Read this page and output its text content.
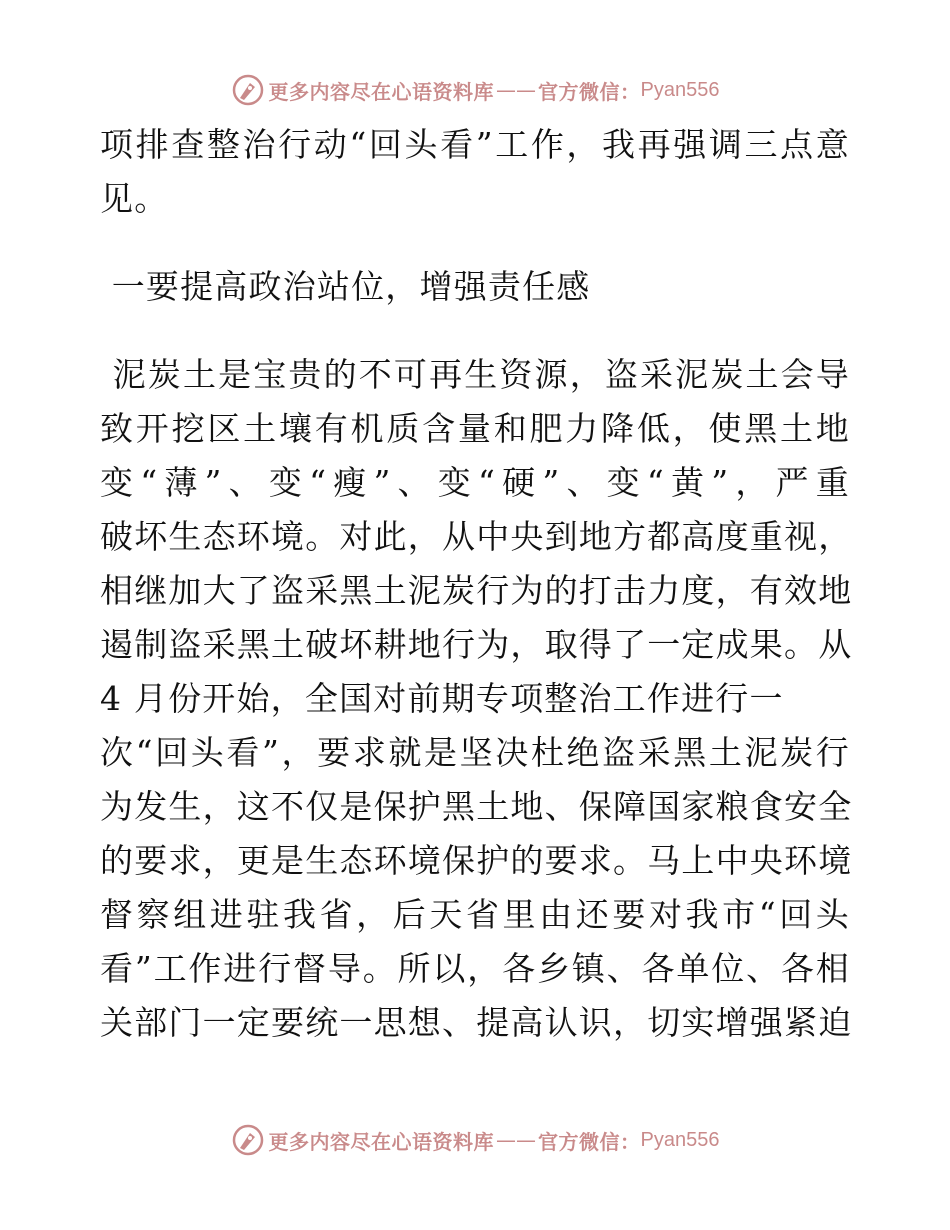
更多内容尽在心语资料库 —— 官方微信： Pyan556
项排查整治行动“回头看”工作，我再强调三点意
见。
一要提高政治站位，增强责任感
泥炭土是宝贵的不可再生资源，盗采泥炭土会导
致开挖区土壤有机质含量和肥力降低，使黑土地
变“薄”、变“瘦”、变“硬”、变“黄”，严重
破坏生态环境。对此，从中央到地方都高度重视，
相继加大了盗采黑土泥炭行为的打击力度，有效地
遏制盗采黑土破坏耕地行为，取得了一定成果。从
4 月份开始，全国对前期专项整治工作进行一
次“回头看”，要求就是坚决杜绝盗采黑土泥炭行
为发生，这不仅是保护黑土地、保障国家粮食安全
的要求，更是生态环境保护的要求。马上中央环境
督察组进驻我省，后天省里由还要对我市“回头
看”工作进行督导。所以，各乡镇、各单位、各相
关部门一定要统一思想、提高认识，切实增强紧迫
更多内容尽在心语资料库 —— 官方微信： Pyan556
